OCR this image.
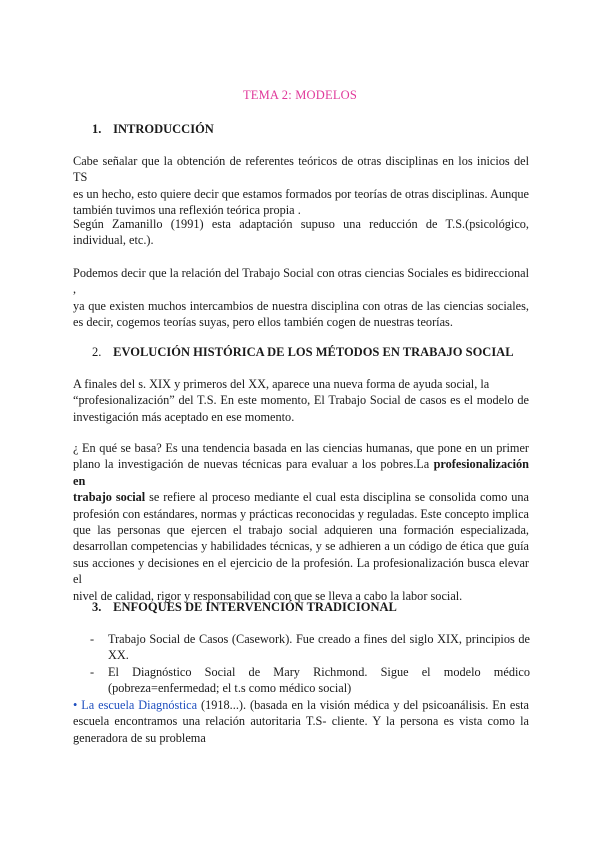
TEMA 2: MODELOS
1. INTRODUCCIÓN
Cabe señalar que la obtención de referentes teóricos de otras disciplinas en los inicios del TS
es un hecho, esto quiere decir que estamos formados por teorías de otras disciplinas. Aunque
también tuvimos una reflexión teórica propia .
Según Zamanillo (1991) esta adaptación supuso una reducción de T.S.(psicológico,
individual, etc.).
Podemos decir que la relación del Trabajo Social con otras ciencias Sociales es bidireccional ,
ya que existen muchos intercambios de nuestra disciplina con otras de las ciencias sociales,
es decir, cogemos teorías suyas, pero ellos también cogen de nuestras teorías.
2. EVOLUCIÓN HISTÓRICA DE LOS MÉTODOS EN TRABAJO SOCIAL
A finales del s. XIX y primeros del XX, aparece una nueva forma de ayuda social, la
“profesionalización” del T.S. En este momento, El Trabajo Social de casos es el modelo de
investigación más aceptado en ese momento.
¿ En qué se basa? Es una tendencia basada en las ciencias humanas, que pone en un primer
plano la investigación de nuevas técnicas para evaluar a los pobres.La profesionalización en
trabajo social se refiere al proceso mediante el cual esta disciplina se consolida como una
profesión con estándares, normas y prácticas reconocidas y reguladas. Este concepto implica
que las personas que ejercen el trabajo social adquieren una formación especializada,
desarrollan competencias y habilidades técnicas, y se adhieren a un código de ética que guía
sus acciones y decisiones en el ejercicio de la profesión. La profesionalización busca elevar el
nivel de calidad, rigor y responsabilidad con que se lleva a cabo la labor social.
3. ENFOQUES DE INTERVENCIÓN TRADICIONAL
- Trabajo Social de Casos (Casework). Fue creado a fines del siglo XIX, principios de
XX.
- El Diagnóstico Social de Mary Richmond. Sigue el modelo médico
(pobreza=enfermedad; el t.s como médico social)
• La escuela Diagnóstica (1918...). (basada en la visión médica y del psicoanálisis. En esta
escuela encontramos una relación autoritaria T.S- cliente. Y la persona es vista como la
generadora de su problema
